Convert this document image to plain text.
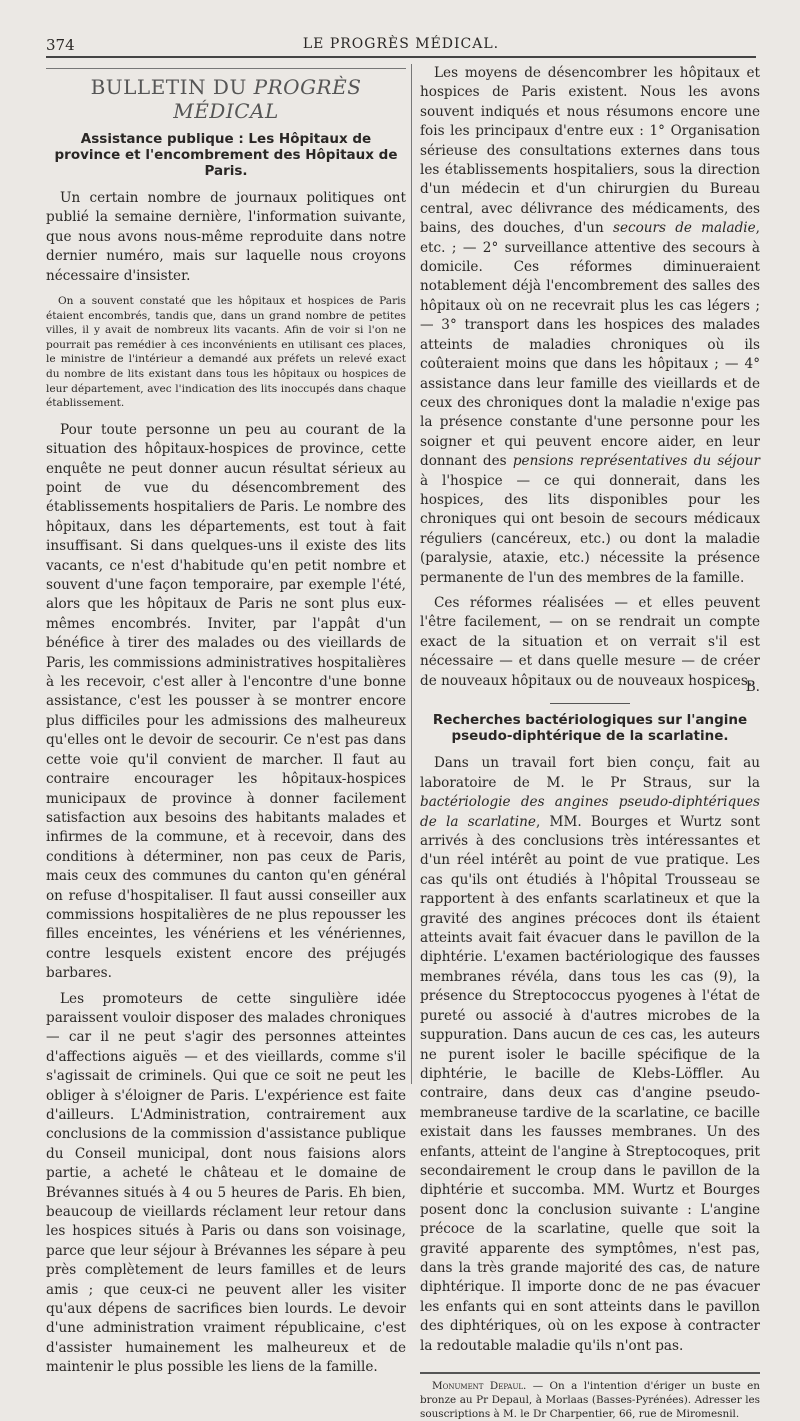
374	LE PROGRÈS MÉDICAL.
BULLETIN DU PROGRÈS MÉDICAL
Assistance publique : Les Hôpitaux de province et l'encombrement des Hôpitaux de Paris.

Un certain nombre de journaux politiques ont publié la semaine dernière, l'information suivante, que nous avons nous-même reproduite dans notre dernier numéro, mais sur laquelle nous croyons nécessaire d'insister.

On a souvent constaté que les hôpitaux et hospices de Paris étaient encombrés, tandis que, dans un grand nombre de petites villes, il y avait de nombreux lits vacants. Afin de voir si l'on ne pourrait pas remédier à ces inconvénients en utilisant ces places, le ministre de l'intérieur a demandé aux préfets un relevé exact du nombre de lits existant dans tous les hôpitaux ou hospices de leur département, avec l'indication des lits inoccupés dans chaque établissement.

Pour toute personne un peu au courant de la situation des hôpitaux-hospices de province, cette enquête ne peut donner aucun résultat sérieux au point de vue du désencombrement des établissements hospitaliers de Paris. Le nombre des hôpitaux, dans les départements, est tout à fait insuffisant. Si dans quelques-uns il existe des lits vacants, ce n'est d'habitude qu'en petit nombre et souvent d'une façon temporaire, par exemple l'été, alors que les hôpitaux de Paris ne sont plus eux-mêmes encombrés. Inviter, par l'appât d'un bénéfice à tirer des malades ou des vieillards de Paris, les commissions administratives hospitalières à les recevoir, c'est aller à l'encontre d'une bonne assistance, c'est les pousser à se montrer encore plus difficiles pour les admissions des malheureux qu'elles ont le devoir de secourir. Ce n'est pas dans cette voie qu'il convient de marcher. Il faut au contraire encourager les hôpitaux-hospices municipaux de province à donner facilement satisfaction aux besoins des habitants malades et infirmes de la commune, et à recevoir, dans des conditions à déterminer, non pas ceux de Paris, mais ceux des communes du canton qu'en général on refuse d'hospitaliser. Il faut aussi conseiller aux commissions hospitalières de ne plus repousser les filles enceintes, les vénériens et les vénériennes, contre lesquels existent encore des préjugés barbares.

Les promoteurs de cette singulière idée paraissent vouloir disposer des malades chroniques — car il ne peut s'agir des personnes atteintes d'affections aiguës — et des vieillards, comme s'il s'agissait de criminels. Qui que ce soit ne peut les obliger à s'éloigner de Paris. L'expérience est faite d'ailleurs. L'Administration, contrairement aux conclusions de la commission d'assistance publique du Conseil municipal, dont nous faisions alors partie, a acheté le château et le domaine de Brévannes situés à 4 ou 5 heures de Paris. Eh bien, beaucoup de vieillards réclament leur retour dans les hospices situés à Paris ou dans son voisinage, parce que leur séjour à Brévannes les sépare à peu près complètement de leurs familles et de leurs amis ; que ceux-ci ne peuvent aller les visiter qu'aux dépens de sacrifices bien lourds. Le devoir d'une administration vraiment républicaine, c'est d'assister humainement les malheureux et de maintenir le plus possible les liens de la famille.

Les moyens de désencombrer les hôpitaux et hospices de Paris existent. Nous les avons souvent indiqués et nous résumons encore une fois les principaux d'entre eux : 1° Organisation sérieuse des consultations externes dans tous les établissements hospitaliers, sous la direction d'un médecin et d'un chirurgien du Bureau central, avec délivrance des médicaments, des bains, des douches, d'un secours de maladie, etc. ; — 2° surveillance attentive des secours à domicile. Ces réformes diminueraient notablement déjà l'encombrement des salles des hôpitaux où on ne recevrait plus les cas légers ; — 3° transport dans les hospices des malades atteints de maladies chroniques où ils coûteraient moins que dans les hôpitaux ; — 4° assistance dans leur famille des vieillards et de ceux des chroniques dont la maladie n'exige pas la présence constante d'une personne pour les soigner et qui peuvent encore aider, en leur donnant des pensions représentatives du séjour à l'hospice — ce qui donnerait, dans les hospices, des lits disponibles pour les chroniques qui ont besoin de secours médicaux réguliers (cancéreux, etc.) ou dont la maladie (paralysie, ataxie, etc.) nécessite la présence permanente de l'un des membres de la famille.

Ces réformes réalisées — et elles peuvent l'être facilement, — on se rendrait un compte exact de la situation et on verrait s'il est nécessaire — et dans quelle mesure — de créer de nouveaux hôpitaux ou de nouveaux hospices.

B.
Recherches bactériologiques sur l'angine pseudo-diphtérique de la scarlatine.

Dans un travail fort bien conçu, fait au laboratoire de M. le Pr Straus, sur la bactériologie des angines pseudo-diphtériques de la scarlatine, MM. Bourges et Wurtz sont arrivés à des conclusions très intéressantes et d'un réel intérêt au point de vue pratique. Les cas qu'ils ont étudiés à l'hôpital Trousseau se rapportent à des enfants scarlatineux et que la gravité des angines précoces dont ils étaient atteints avait fait évacuer dans le pavillon de la diphtérie. L'examen bactériologique des fausses membranes révéla, dans tous les cas (9), la présence du Streptococcus pyogenes à l'état de pureté ou associé à d'autres microbes de la suppuration. Dans aucun de ces cas, les auteurs ne purent isoler le bacille spécifique de la diphtérie, le bacille de Klebs-Löffler. Au contraire, dans deux cas d'angine pseudo-membraneuse tardive de la scarlatine, ce bacille existait dans les fausses membranes. Un des enfants, atteint de l'angine à Streptocoques, prit secondairement le croup dans le pavillon de la diphtérie et succomba. MM. Wurtz et Bourges posent donc la conclusion suivante : L'angine précoce de la scarlatine, quelle que soit la gravité apparente des symptômes, n'est pas, dans la très grande majorité des cas, de nature diphtérique. Il importe donc de ne pas évacuer les enfants qui en sont atteints dans le pavillon des diphtériques, où on les expose à contracter la redoutable maladie qu'ils n'ont pas.

Monument Depaul. — On a l'intention d'ériger un buste en bronze au Pr Depaul, à Morlaas (Basses-Pyrénées). Adresser les souscriptions à M. le Dr Charpentier, 66, rue de Miromesnil.
